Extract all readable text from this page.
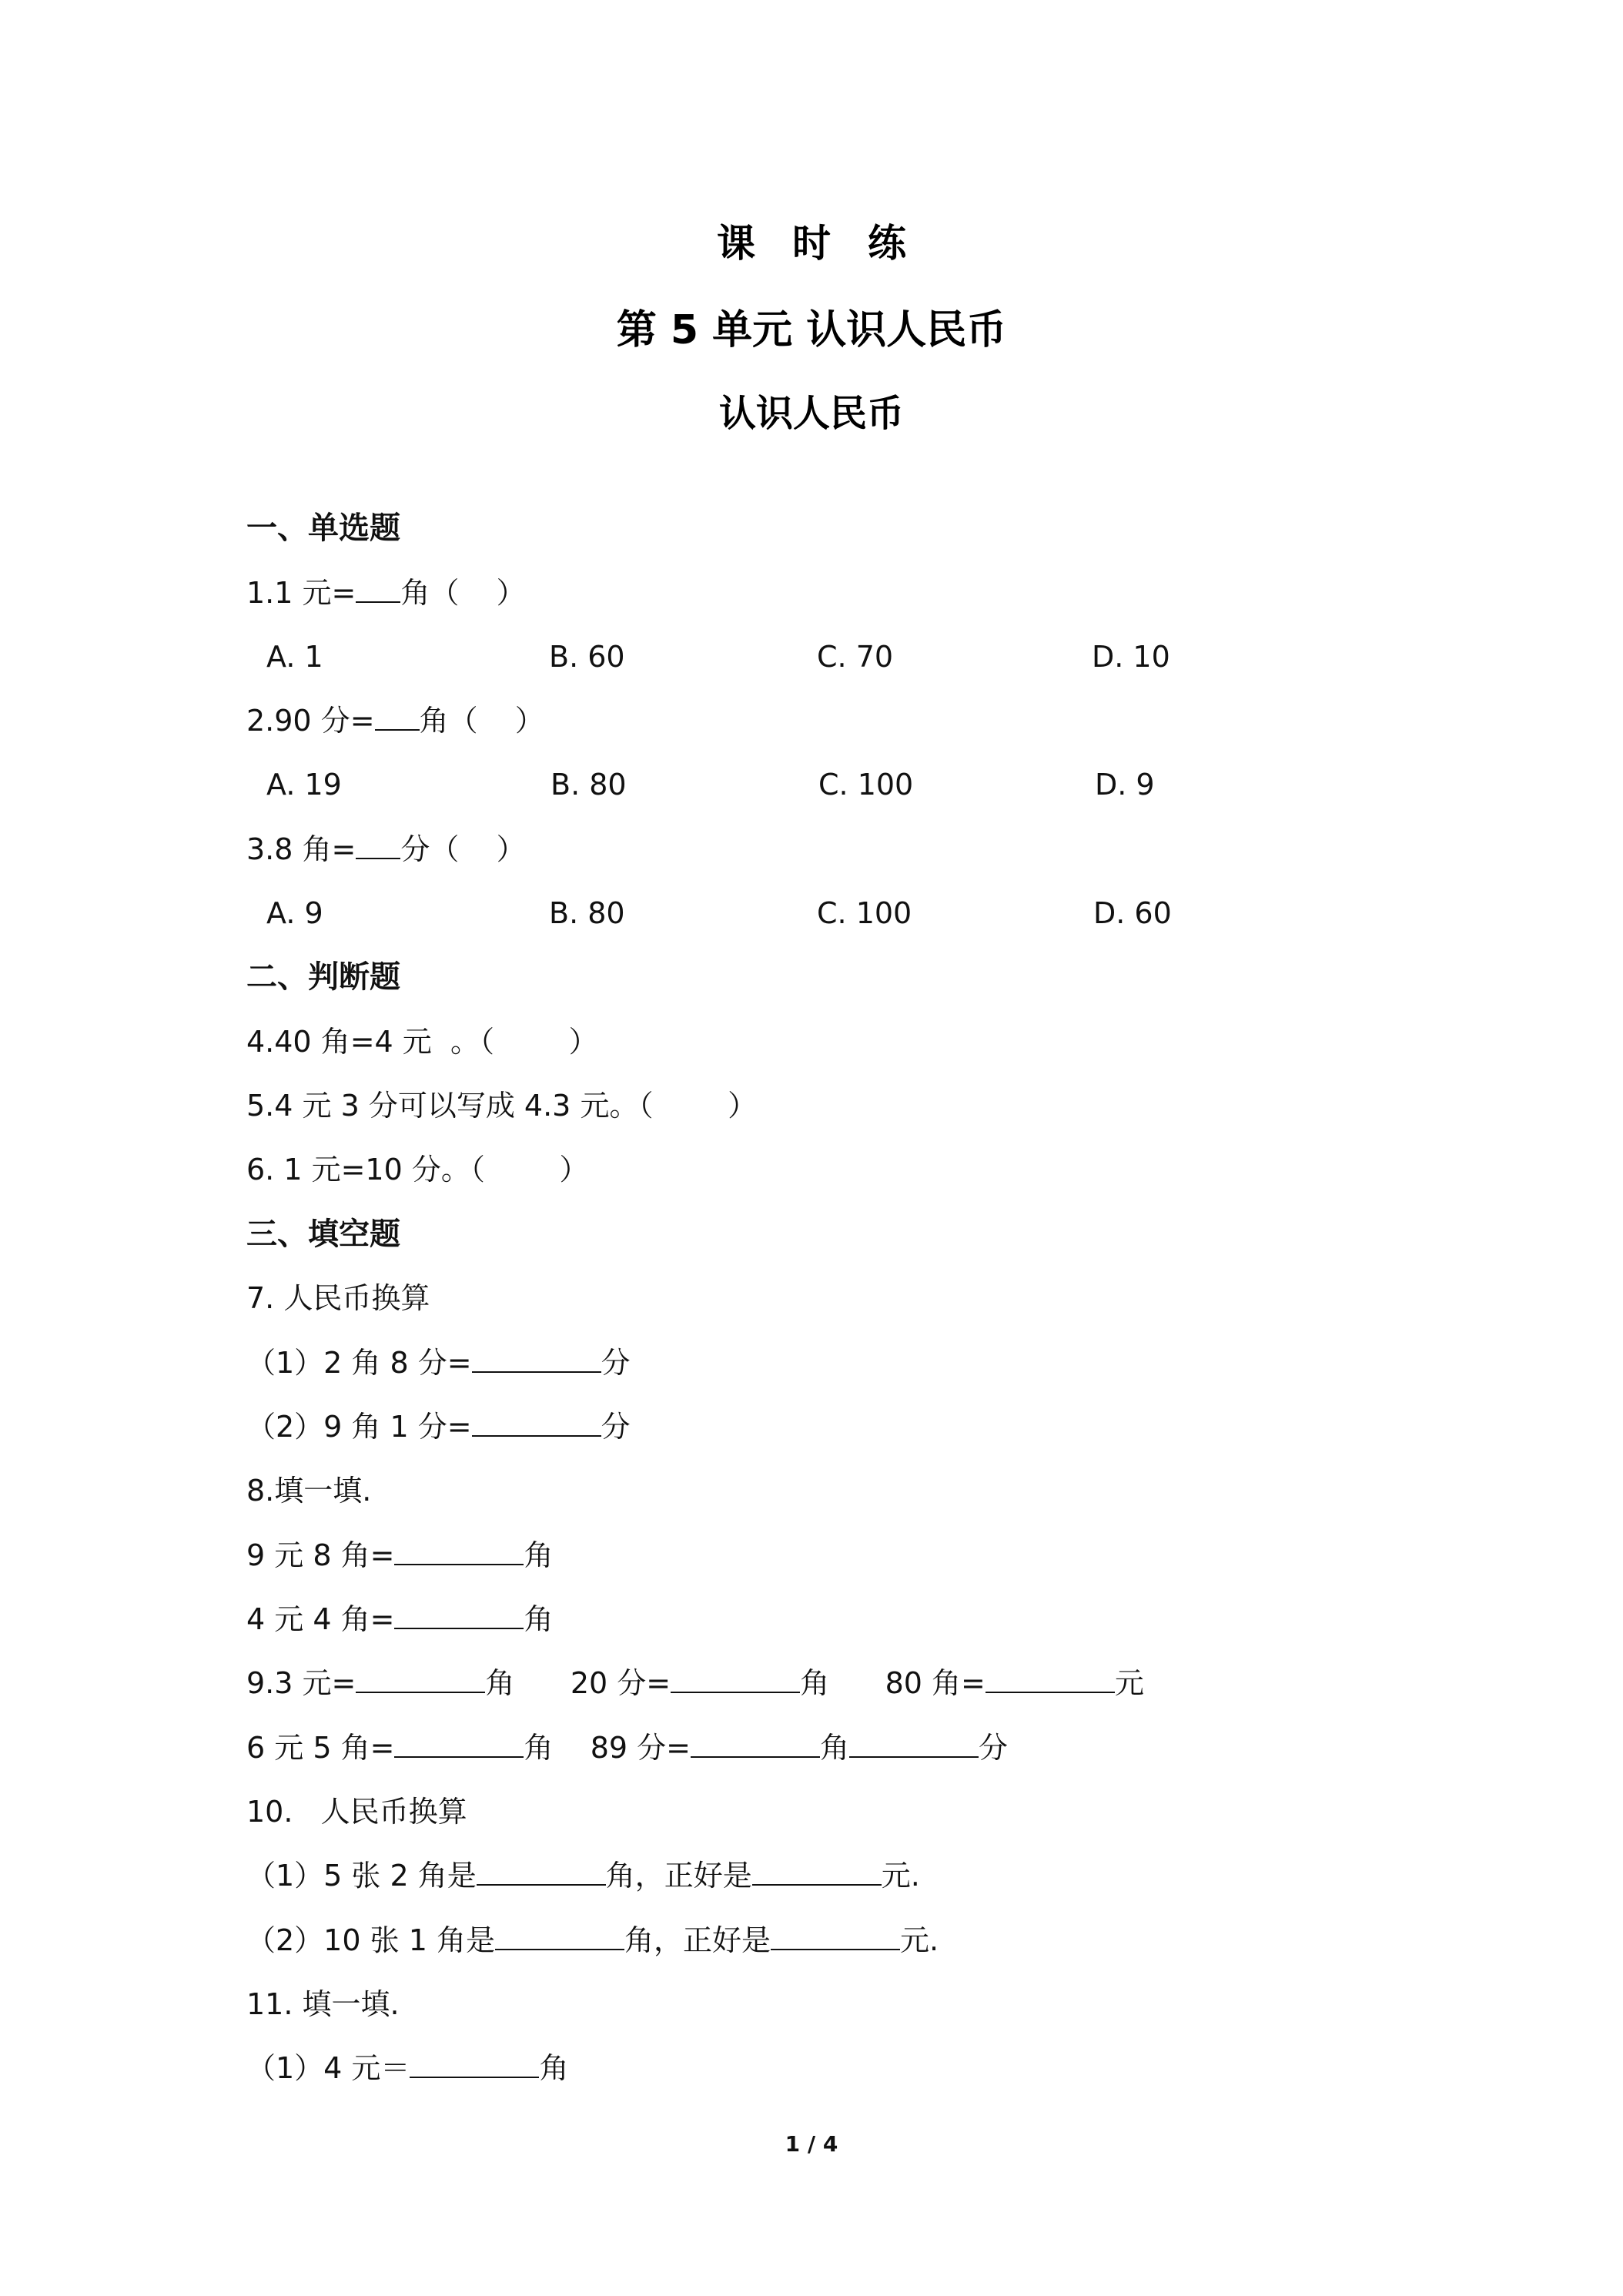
课时练
第 5 单元 认识人民币
认识人民币
一、单选题
1.1 元= 角（    ）
A. 1	B. 60	C. 70	D. 10
2.90 分= 角（    ）
A. 19	B. 80	C. 100	D. 9
3.8 角= 分（    ）
A. 9	B. 80	C. 100	D. 60
二、判断题
4.40 角=4 元  。（        ）
5.4 元 3 分可以写成 4.3 元。（        ）
6. 1 元=10 分。（        ）
三、填空题
7. 人民币换算
（1）2 角 8 分=	分
（2）9 角 1 分=	分
8.填一填.
9 元 8 角=	角
4 元 4 角=	角
9.3 元=	角      20 分=	角      80 角=	元
6 元 5 角=	角    89 分=	角	分
10.   人民币换算
（1）5 张 2 角是	角，正好是	元.
（2）10 张 1 角是	角，正好是	元.
11. 填一填.
（1）4 元＝	角
1 / 4
